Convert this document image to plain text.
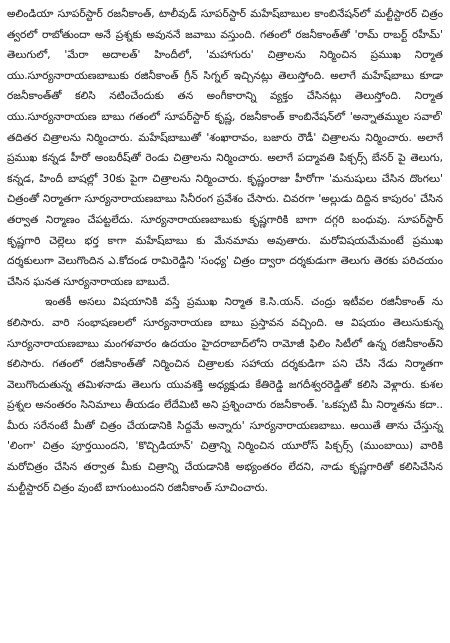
అలిండియా సూపర్‌స్టార్ రజనీకాంత్, టాలీవుడ్ సూపర్‌స్టార్ మహేష్‌బాబుల కాంబినేషన్‌లో మల్టీస్టారర్ చిత్రం త్వరలో రాబోతుందా అనే ప్రశ్నకు అవుననే జవాబు వస్తుంది. గతంలో రజనీకాంత్‌తో 'రామ్ రాబర్ట్ రహీమ్' తెలుగులో, 'మేరా అదాలత్' హిందీలో, 'మహాగురు' చిత్రాలను నిర్మించిన ప్రముఖ నిర్మాత యు.సూర్యనారాయణబాబుకు రజినీకాంత్ గ్రీన్ సిగ్నల్ ఇచ్చినట్లు తెలుస్తోంది. అలాగే మహేష్‌బాబు కూడా రజనీకాంత్‌తో కలిసి నటించేందుకు తన అంగీకారాన్ని వ్యక్తం చేసినట్లు తెలుస్తోంది. నిర్మాత యు.సూర్యనారాయణ బాబు గతంలో సూపర్‌స్టార్ కృష్ణ, రజనీకాంత్ కాంబినేషన్‌లో 'అన్నాతమ్ముల సవాల్' తదితర చిత్రాలను నిర్మించారు. మహేష్‌బాబుతో 'శంఖారావం, బజారు రౌడీ' చిత్రాలను నిర్మించారు. అలాగే ప్రముఖ కన్నడ హీరో అంబరీష్‌తో రెండు చిత్రాలను నిర్మించారు. అలాగే పద్మావతి పిక్చర్స్ బేనర్ పై తెలుగు, కన్నడ, హిందీ బాషల్లో 30కు పైగా చిత్రాలను నిర్మించారు. కృష్ణంరాజు హీరోగా 'మనుషులు చేసిన దొంగలు' చిత్రంతో నిర్మాతగా సూర్యనారాయణబాబు సినీరంగ ప్రవేశం చేసారు. చివరగా 'అల్లుడు దిద్దిన కాపురం' చేసిన తర్వాత నిర్మాణం చేపట్టలేదు. సూర్యనారాయణబాబుకు కృష్ణగారికి బాగా దగ్గరి బంధువు. సూపర్‌స్టార్ కృష్ణగారి చెల్లెలు భర్త కాగా మహేష్‌బాబు కు మేనమామ అవుతారు. మరోవిషయమేమంటే ప్రముఖ దర్శకులుగా వెలుగొందిన ఎ.కోదండ రామిరెడ్డిని 'సంధ్య' చిత్రం ద్వారా దర్శకుడుగా తెలుగు తెరకు పరిచయం చేసిన ఘనత సూర్యనారాయణ బాబుదే.

ఇంతకీ అసలు విషయానికి వస్తే ప్రముఖ నిర్మాత కె.సి.యన్. చంద్రు ఇటీవల రజినీకాంత్ ను కలిసారు. వారి సంభాషణలలో సూర్యనారాయణ బాబు ప్రస్తావన వచ్చింది. ఆ విషయం తెలుసుకున్న సూర్యనారాయణబాబు మంగళవారం ఉదయం హైదరాబాద్‌లోని రామోజీ ఫిలిం సిటీలో ఉన్న రజినీకాంత్‌ని కలిసారు. గతంలో రజినీకాంత్‌తో నిర్మించిన చిత్రాలకు సహాయ దర్శకుడిగా పని చేసి నేడు నిర్మాతగా వెలుగొందుతున్న తమిళనాడు తెలుగు యువశక్తి అధ్యక్షుడు కేతిరెడ్డి జగదీశ్వరరెడ్డితో కలిసి వెళ్లారు. కుశల ప్రశ్నల అనంతరం సినిమాలు తీయడం లేదేమిటి అని ప్రశ్నించారు రజనీకాంత్. 'ఒకప్పటి మీ నిర్మాతను కదా.. మీరు సరేనంటే మీతో చిత్రం చేయడానికి సిద్దమే అన్నారు' సూర్యనారాయణబాబు. అయితే తాను చేస్తున్న 'లింగా' చిత్రం పూర్తయిందని, 'కొచ్చిడియాన్' చిత్రాన్ని నిర్మించిన యూరోస్ పిక్చర్స్ (ముంబాయి) వారికి మరోచిత్రం చేసిన తర్వాత మీకు చిత్రాన్ని చేయడానికి అభ్యంతరం లేదని, నాడు కృష్ణగారితో కలిసిచేసిన మల్టీస్టారర్ చిత్రం వుంటే బాగుంటుందని రజినీకాంత్ సూచించారు.
